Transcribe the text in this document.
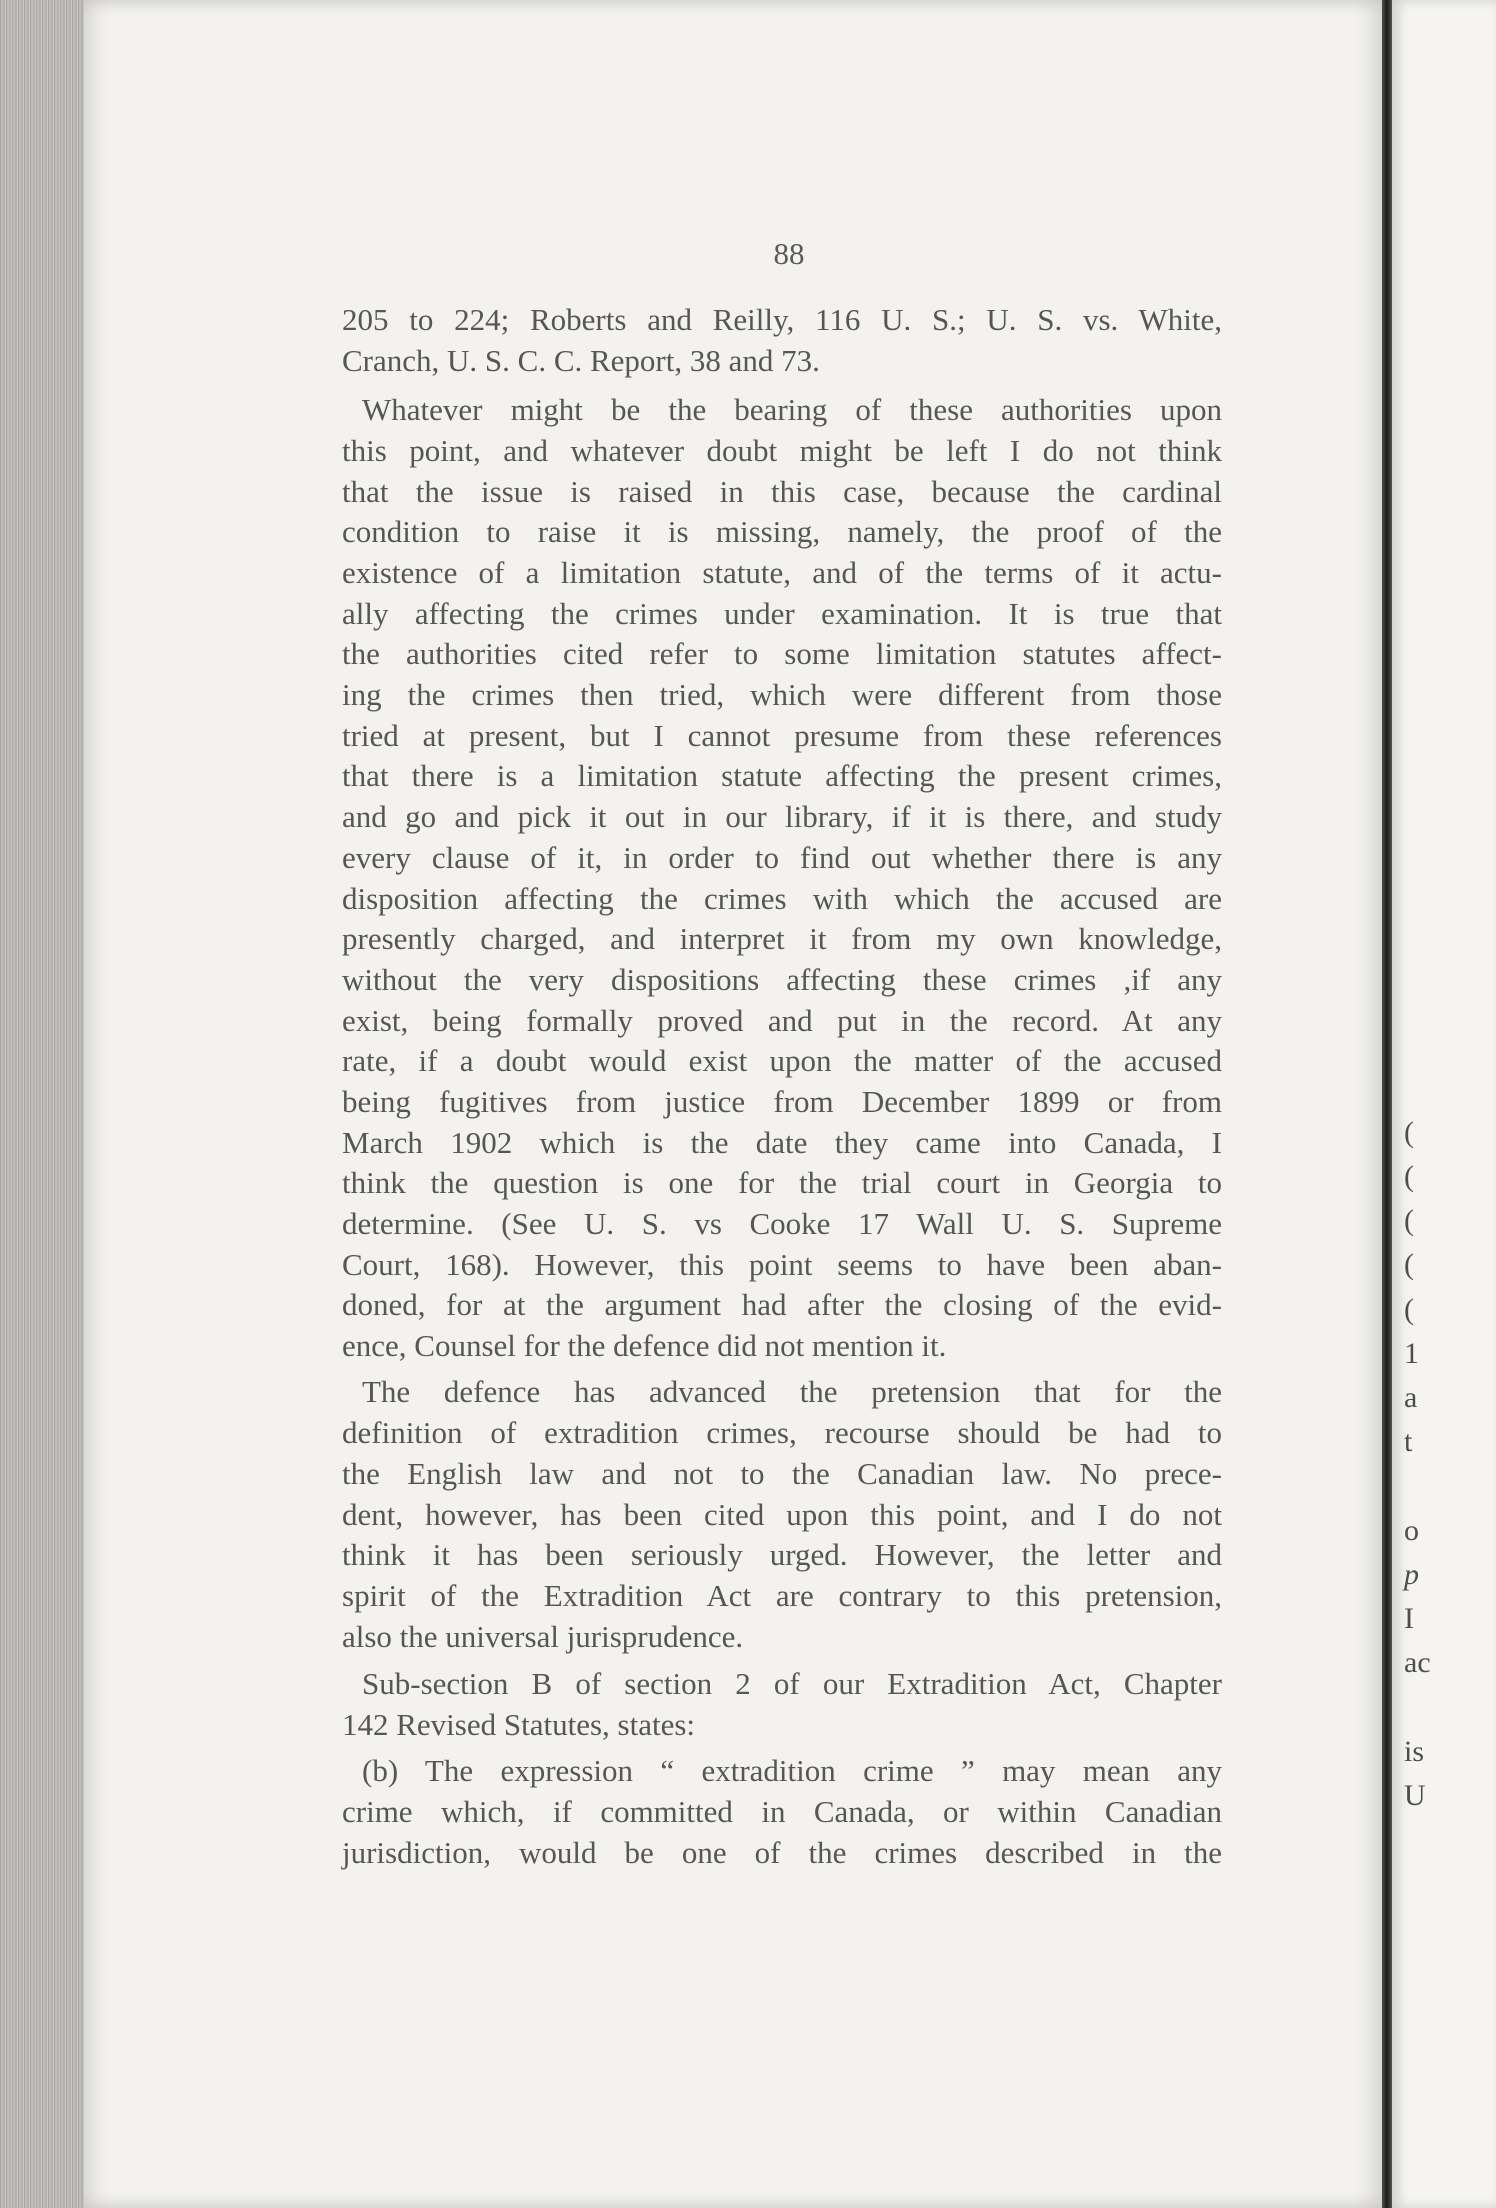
(
(
(
(
(
1
a
t
o
p
I
ac
is
U
88
205 to 224; Roberts and Reilly, 116 U. S.; U. S. vs. White,
Cranch, U. S. C. C. Report, 38 and 73.
Whatever might be the bearing of these authorities upon
this point, and whatever doubt might be left I do not think
that the issue is raised in this case, because the cardinal
condition to raise it is missing, namely, the proof of the
existence of a limitation statute, and of the terms of it actu-
ally affecting the crimes under examination. It is true that
the authorities cited refer to some limitation statutes affect-
ing the crimes then tried, which were different from those
tried at present, but I cannot presume from these references
that there is a limitation statute affecting the present crimes,
and go and pick it out in our library, if it is there, and study
every clause of it, in order to find out whether there is any
disposition affecting the crimes with which the accused are
presently charged, and interpret it from my own knowledge,
without the very dispositions affecting these crimes ,if any
exist, being formally proved and put in the record. At any
rate, if a doubt would exist upon the matter of the accused
being fugitives from justice from December 1899 or from
March 1902 which is the date they came into Canada, I
think the question is one for the trial court in Georgia to
determine. (See U. S. vs Cooke 17 Wall U. S. Supreme
Court, 168). However, this point seems to have been aban-
doned, for at the argument had after the closing of the evid-
ence, Counsel for the defence did not mention it.
The defence has advanced the pretension that for the
definition of extradition crimes, recourse should be had to
the English law and not to the Canadian law. No prece-
dent, however, has been cited upon this point, and I do not
think it has been seriously urged. However, the letter and
spirit of the Extradition Act are contrary to this pretension,
also the universal jurisprudence.
Sub-section B of section 2 of our Extradition Act, Chapter
142 Revised Statutes, states:
(b) The expression “ extradition crime ” may mean any
crime which, if committed in Canada, or within Canadian
jurisdiction, would be one of the crimes described in the
